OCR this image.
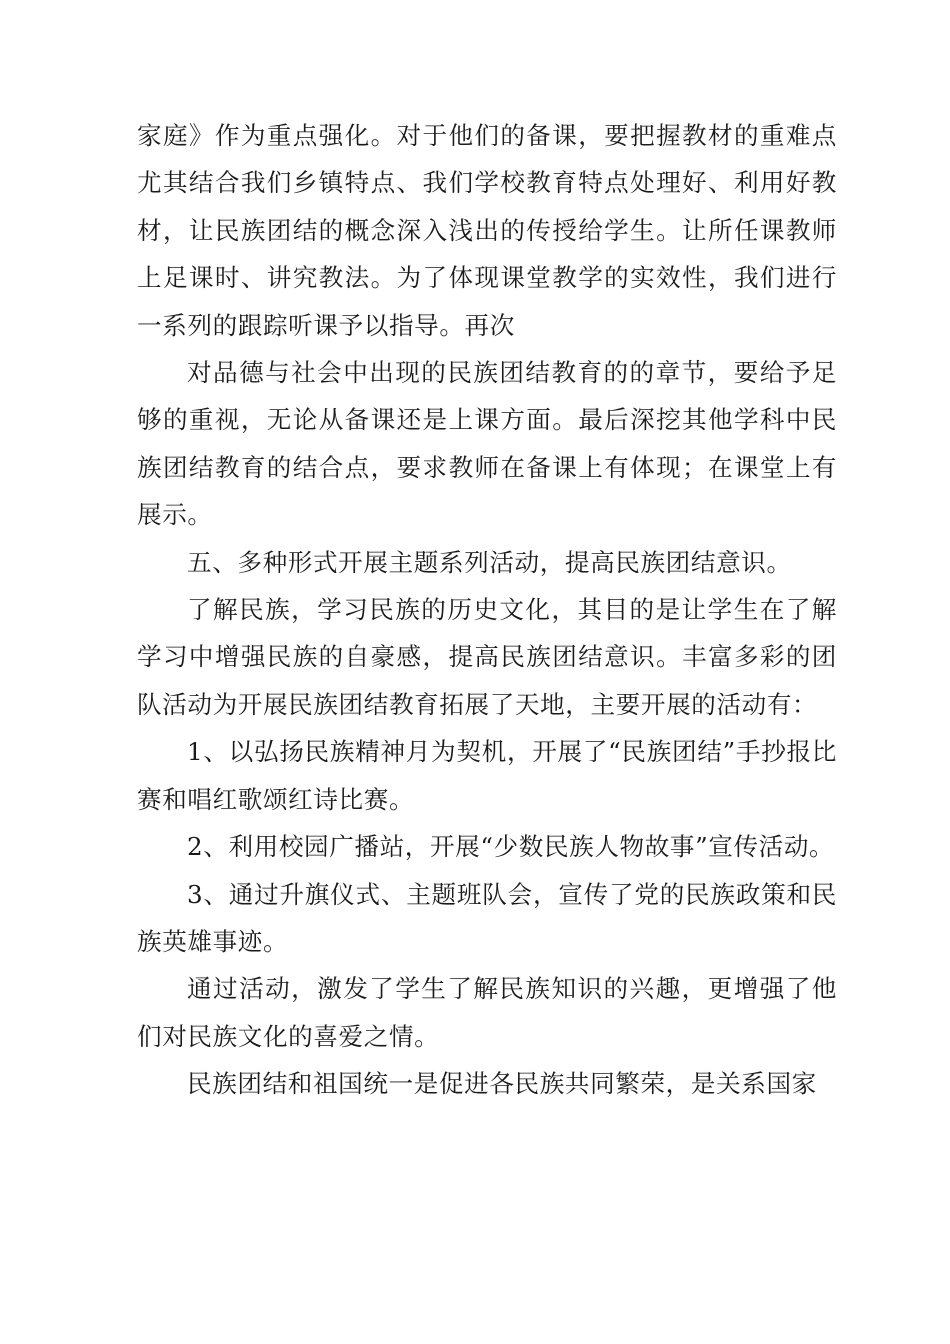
家庭》作为重点强化。对于他们的备课，要把握教材的重难点尤其结合我们乡镇特点、我们学校教育特点处理好、利用好教材，让民族团结的概念深入浅出的传授给学生。让所任课教师上足课时、讲究教法。为了体现课堂教学的实效性，我们进行一系列的跟踪听课予以指导。再次

对品德与社会中出现的民族团结教育的的章节，要给予足够的重视，无论从备课还是上课方面。最后深挖其他学科中民族团结教育的结合点，要求教师在备课上有体现；在课堂上有展示。

五、多种形式开展主题系列活动，提高民族团结意识。

了解民族，学习民族的历史文化，其目的是让学生在了解学习中增强民族的自豪感，提高民族团结意识。丰富多彩的团队活动为开展民族团结教育拓展了天地，主要开展的活动有：

1、以弘扬民族精神月为契机，开展了“民族团结”手抄报比赛和唱红歌颂红诗比赛。

2、利用校园广播站，开展“少数民族人物故事”宣传活动。

3、通过升旗仪式、主题班队会，宣传了党的民族政策和民族英雄事迹。

通过活动，激发了学生了解民族知识的兴趣，更增强了他们对民族文化的喜爱之情。

民族团结和祖国统一是促进各民族共同繁荣，是关系国家
